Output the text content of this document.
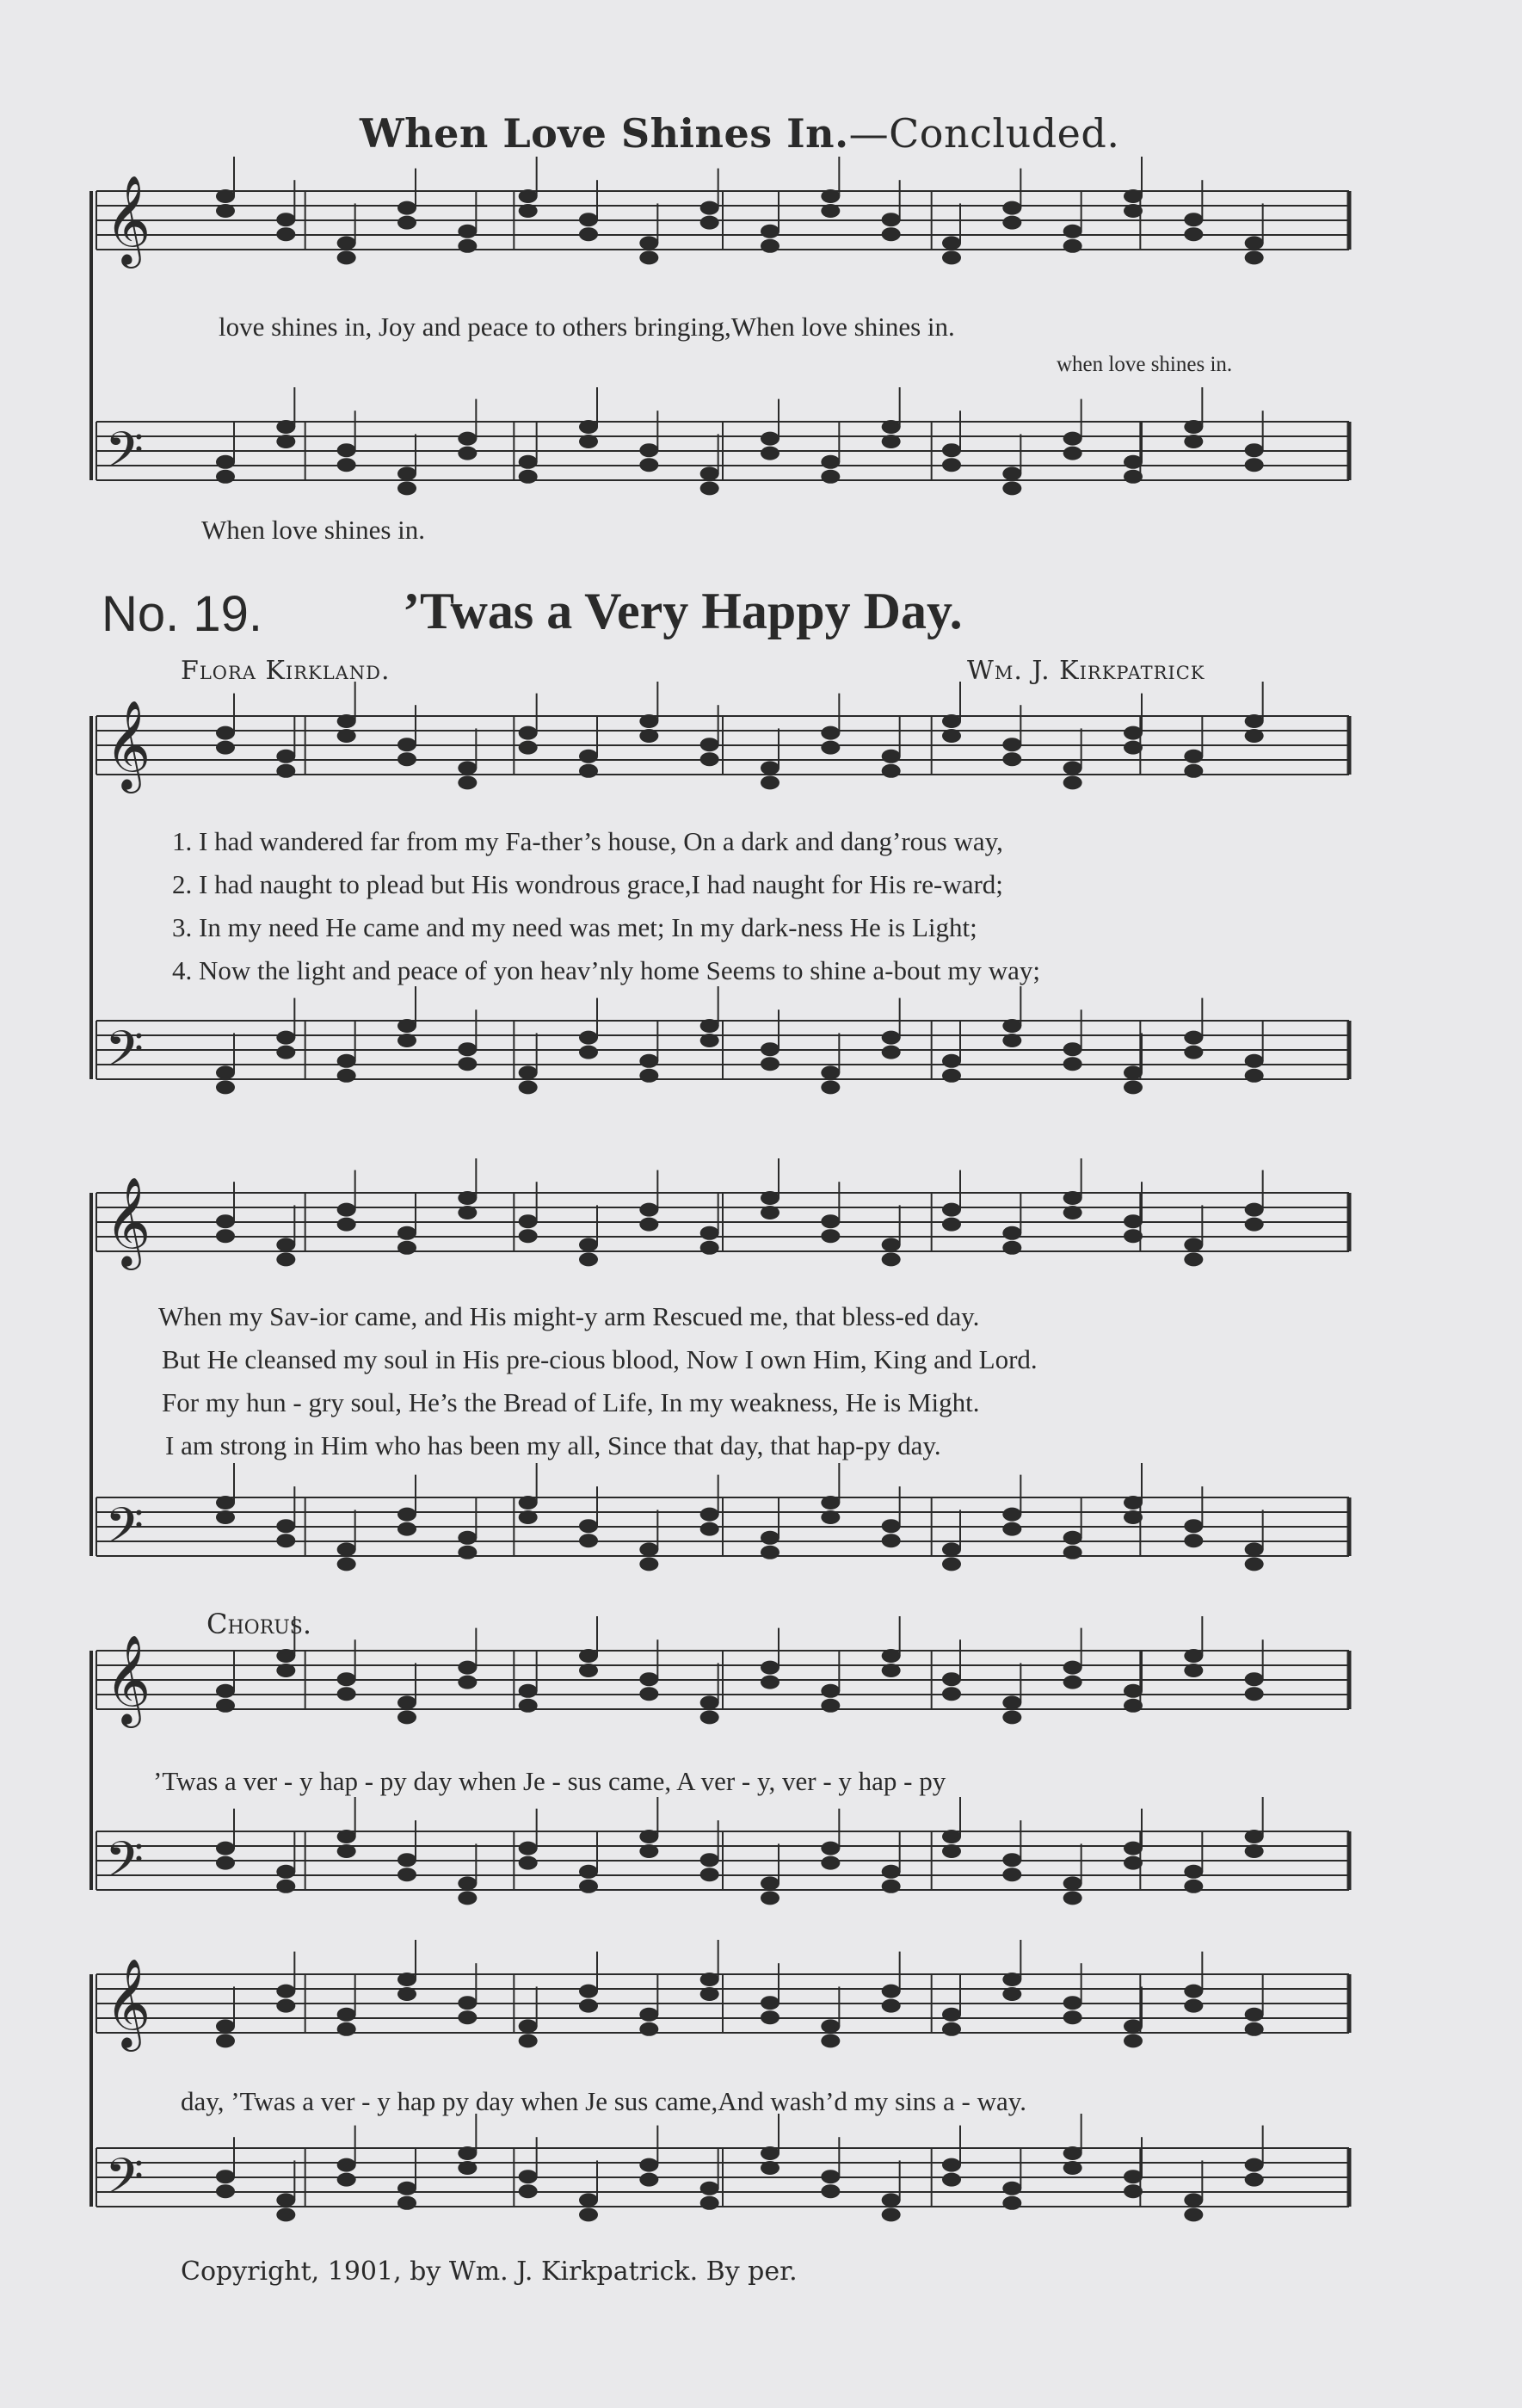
𝄞
𝄢
𝄞
𝄢
𝄞
𝄢
𝄞
𝄢
𝄞
𝄢
When Love Shines In.—Concluded.
love shines in, Joy and peace to others bringing,When love shines in.
when love shines in.
When love shines in.
No. 19.	’Twas a Very Happy Day.
Flora Kirkland.	Wm. J. Kirkpatrick
1. I had wandered far from my Fa-ther’s house, On a dark and dang’rous way,
2. I had naught to plead but His wondrous grace,I had naught for His re-ward;
3. In my need He came and my need was met; In my dark-ness He is Light;
4. Now the light and peace of yon heav’nly home Seems to shine a-bout my way;
When my Sav-ior came, and His might-y arm Rescued me, that bless-ed day.
But He cleansed my soul in His pre-cious blood, Now I own Him, King and Lord.
For my hun - gry soul, He’s the Bread of Life, In my weakness, He is Might.
I am strong in Him who has been my all, Since that day, that hap-py day.
Chorus.
’Twas a ver - y hap - py day when Je - sus came, A ver - y, ver - y hap - py
day, ’Twas a ver - y hap py day when Je sus came,And wash’d my sins a - way.
Copyright, 1901, by Wm. J. Kirkpatrick. By per.
